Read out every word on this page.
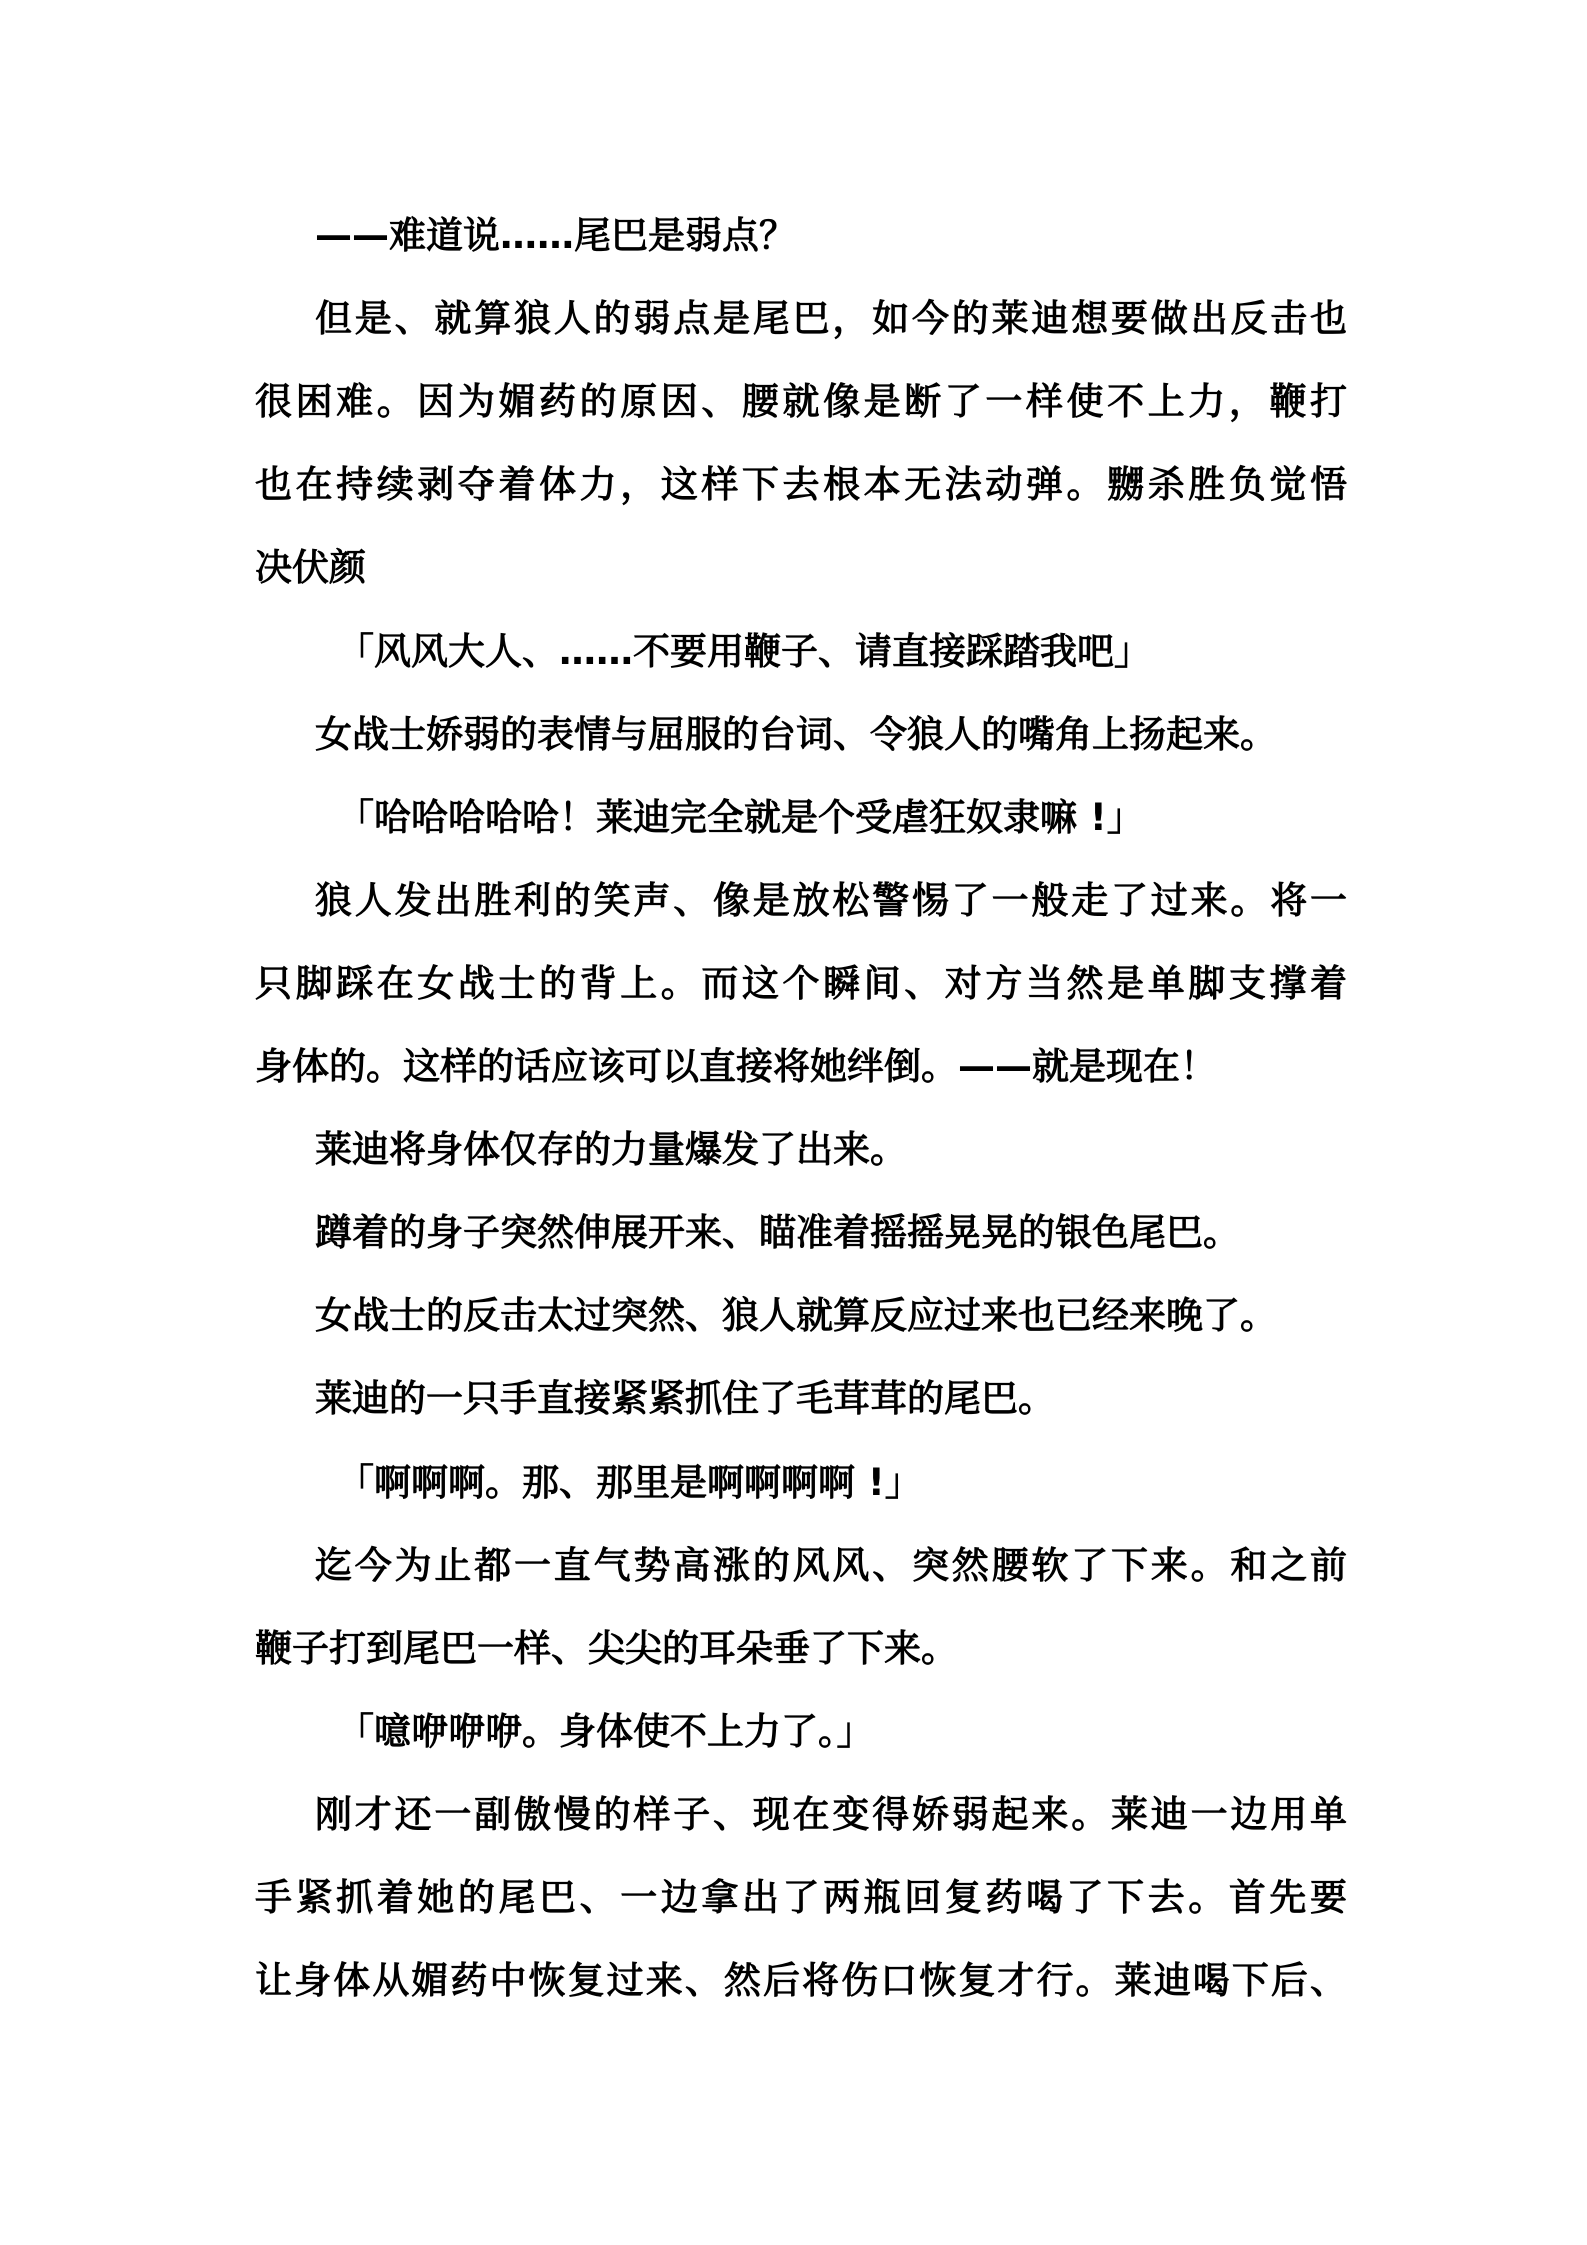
——难道说……尾巴是弱点？
但是、就算狼人的弱点是尾巴，如今的莱迪想要做出反击也
很困难。因为媚药的原因、腰就像是断了一样使不上力，鞭打
也在持续剥夺着体力，这样下去根本无法动弹。嬲杀胜负觉悟
决伏颜
「风风大人、……不要用鞭子、请直接踩踏我吧」
女战士娇弱的表情与屈服的台词、令狼人的嘴角上扬起来。
「哈哈哈哈哈！莱迪完全就是个受虐狂奴隶嘛 !」
狼人发出胜利的笑声、像是放松警惕了一般走了过来。将一
只脚踩在女战士的背上。而这个瞬间、对方当然是单脚支撑着
身体的。这样的话应该可以直接将她绊倒。——就是现在！
莱迪将身体仅存的力量爆发了出来。
蹲着的身子突然伸展开来、瞄准着摇摇晃晃的银色尾巴。
女战士的反击太过突然、狼人就算反应过来也已经来晚了。
莱迪的一只手直接紧紧抓住了毛茸茸的尾巴。
「啊啊啊。那、那里是啊啊啊啊 !」
迄今为止都一直气势高涨的风风、突然腰软了下来。和之前
鞭子打到尾巴一样、尖尖的耳朵垂了下来。
「噫咿咿咿。身体使不上力了。」
刚才还一副傲慢的样子、现在变得娇弱起来。莱迪一边用单
手紧抓着她的尾巴、一边拿出了两瓶回复药喝了下去。首先要
让身体从媚药中恢复过来、然后将伤口恢复才行。莱迪喝下后、
